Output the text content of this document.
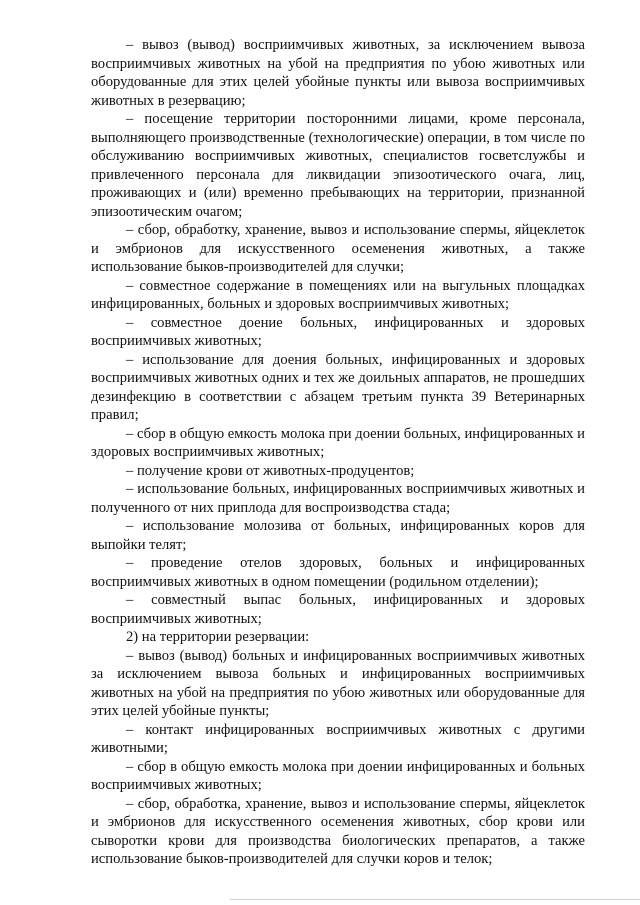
– вывоз (вывод) восприимчивых животных, за исключением вывоза восприимчивых животных на убой на предприятия по убою животных или оборудованные для этих целей убойные пункты или вывоза восприимчивых животных в резервацию;

– посещение территории посторонними лицами, кроме персонала, выполняющего производственные (технологические) операции, в том числе по обслуживанию восприимчивых животных, специалистов госветслужбы и привлеченного персонала для ликвидации эпизоотического очага, лиц, проживающих и (или) временно пребывающих на территории, признанной эпизоотическим очагом;

– сбор, обработку, хранение, вывоз и использование спермы, яйцеклеток и эмбрионов для искусственного осеменения животных, а также использование быков-производителей для случки;

– совместное содержание в помещениях или на выгульных площадках инфицированных, больных и здоровых восприимчивых животных;

– совместное доение больных, инфицированных и здоровых восприимчивых животных;

– использование для доения больных, инфицированных и здоровых восприимчивых животных одних и тех же доильных аппаратов, не прошедших дезинфекцию в соответствии с абзацем третьим пункта 39 Ветеринарных правил;

– сбор в общую емкость молока при доении больных, инфицированных и здоровых восприимчивых животных;

– получение крови от животных-продуцентов;

– использование больных, инфицированных восприимчивых животных и полученного от них приплода для воспроизводства стада;

– использование молозива от больных, инфицированных коров для выпойки телят;

– проведение отелов здоровых, больных и инфицированных восприимчивых животных в одном помещении (родильном отделении);

– совместный выпас больных, инфицированных и здоровых восприимчивых животных;

2) на территории резервации:

– вывоз (вывод) больных и инфицированных восприимчивых животных за исключением вывоза больных и инфицированных восприимчивых животных на убой на предприятия по убою животных или оборудованные для этих целей убойные пункты;

– контакт инфицированных восприимчивых животных с другими животными;

– сбор в общую емкость молока при доении инфицированных и больных восприимчивых животных;

– сбор, обработка, хранение, вывоз и использование спермы, яйцеклеток и эмбрионов для искусственного осеменения животных, сбор крови или сыворотки крови для производства биологических препаратов, а также использование быков-производителей для случки коров и телок;
